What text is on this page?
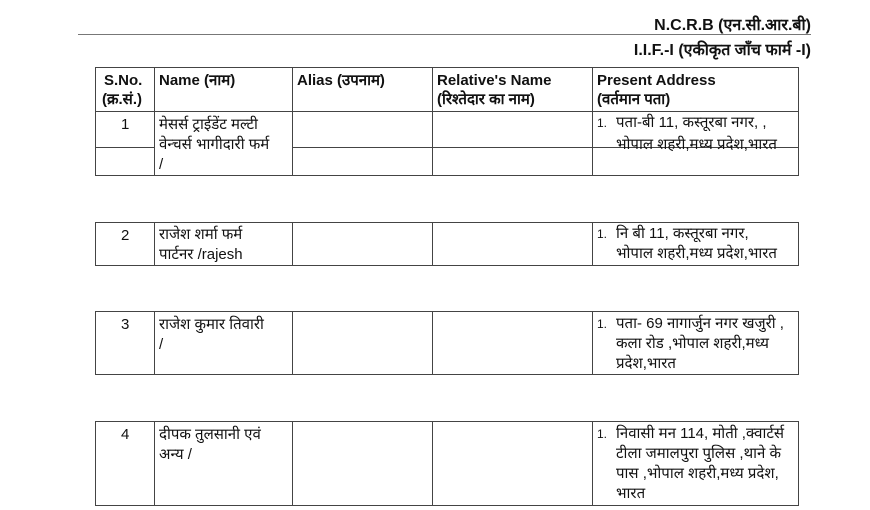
N.C.R.B (एन.सी.आर.बी)
I.I.F.-I (एकीकृत जाँच फार्म -I)
S.No.
(क्र.सं.)
Name (नाम)	Alias (उपनाम)	Relative's Name
(रिश्तेदार का नाम)
Present Address
(वर्तमान पता)
1 मेसर्स ट्राईडेंट मल्टी
वेन्चर्स भागीदारी फर्म
/
1. पता-बी 11, कस्तूरबा नगर, ,
भोपाल शहरी,मध्य प्रदेश,भारत
2 राजेश शर्मा फर्म
पार्टनर /rajesh
1. नि बी 11, कस्तूरबा नगर,
भोपाल शहरी,मध्य प्रदेश,भारत
3 राजेश कुमार तिवारी
/
1. पता- 69 नागार्जुन नगर खजुरी ,
कला रोड ,भोपाल शहरी,मध्य
प्रदेश,भारत
4 दीपक तुलसानी एवं
अन्य /
1. निवासी मन 114, मोती ,क्वार्टर्स
टीला जमालपुरा पुलिस ,थाने के
पास ,भोपाल शहरी,मध्य प्रदेश,
भारत
